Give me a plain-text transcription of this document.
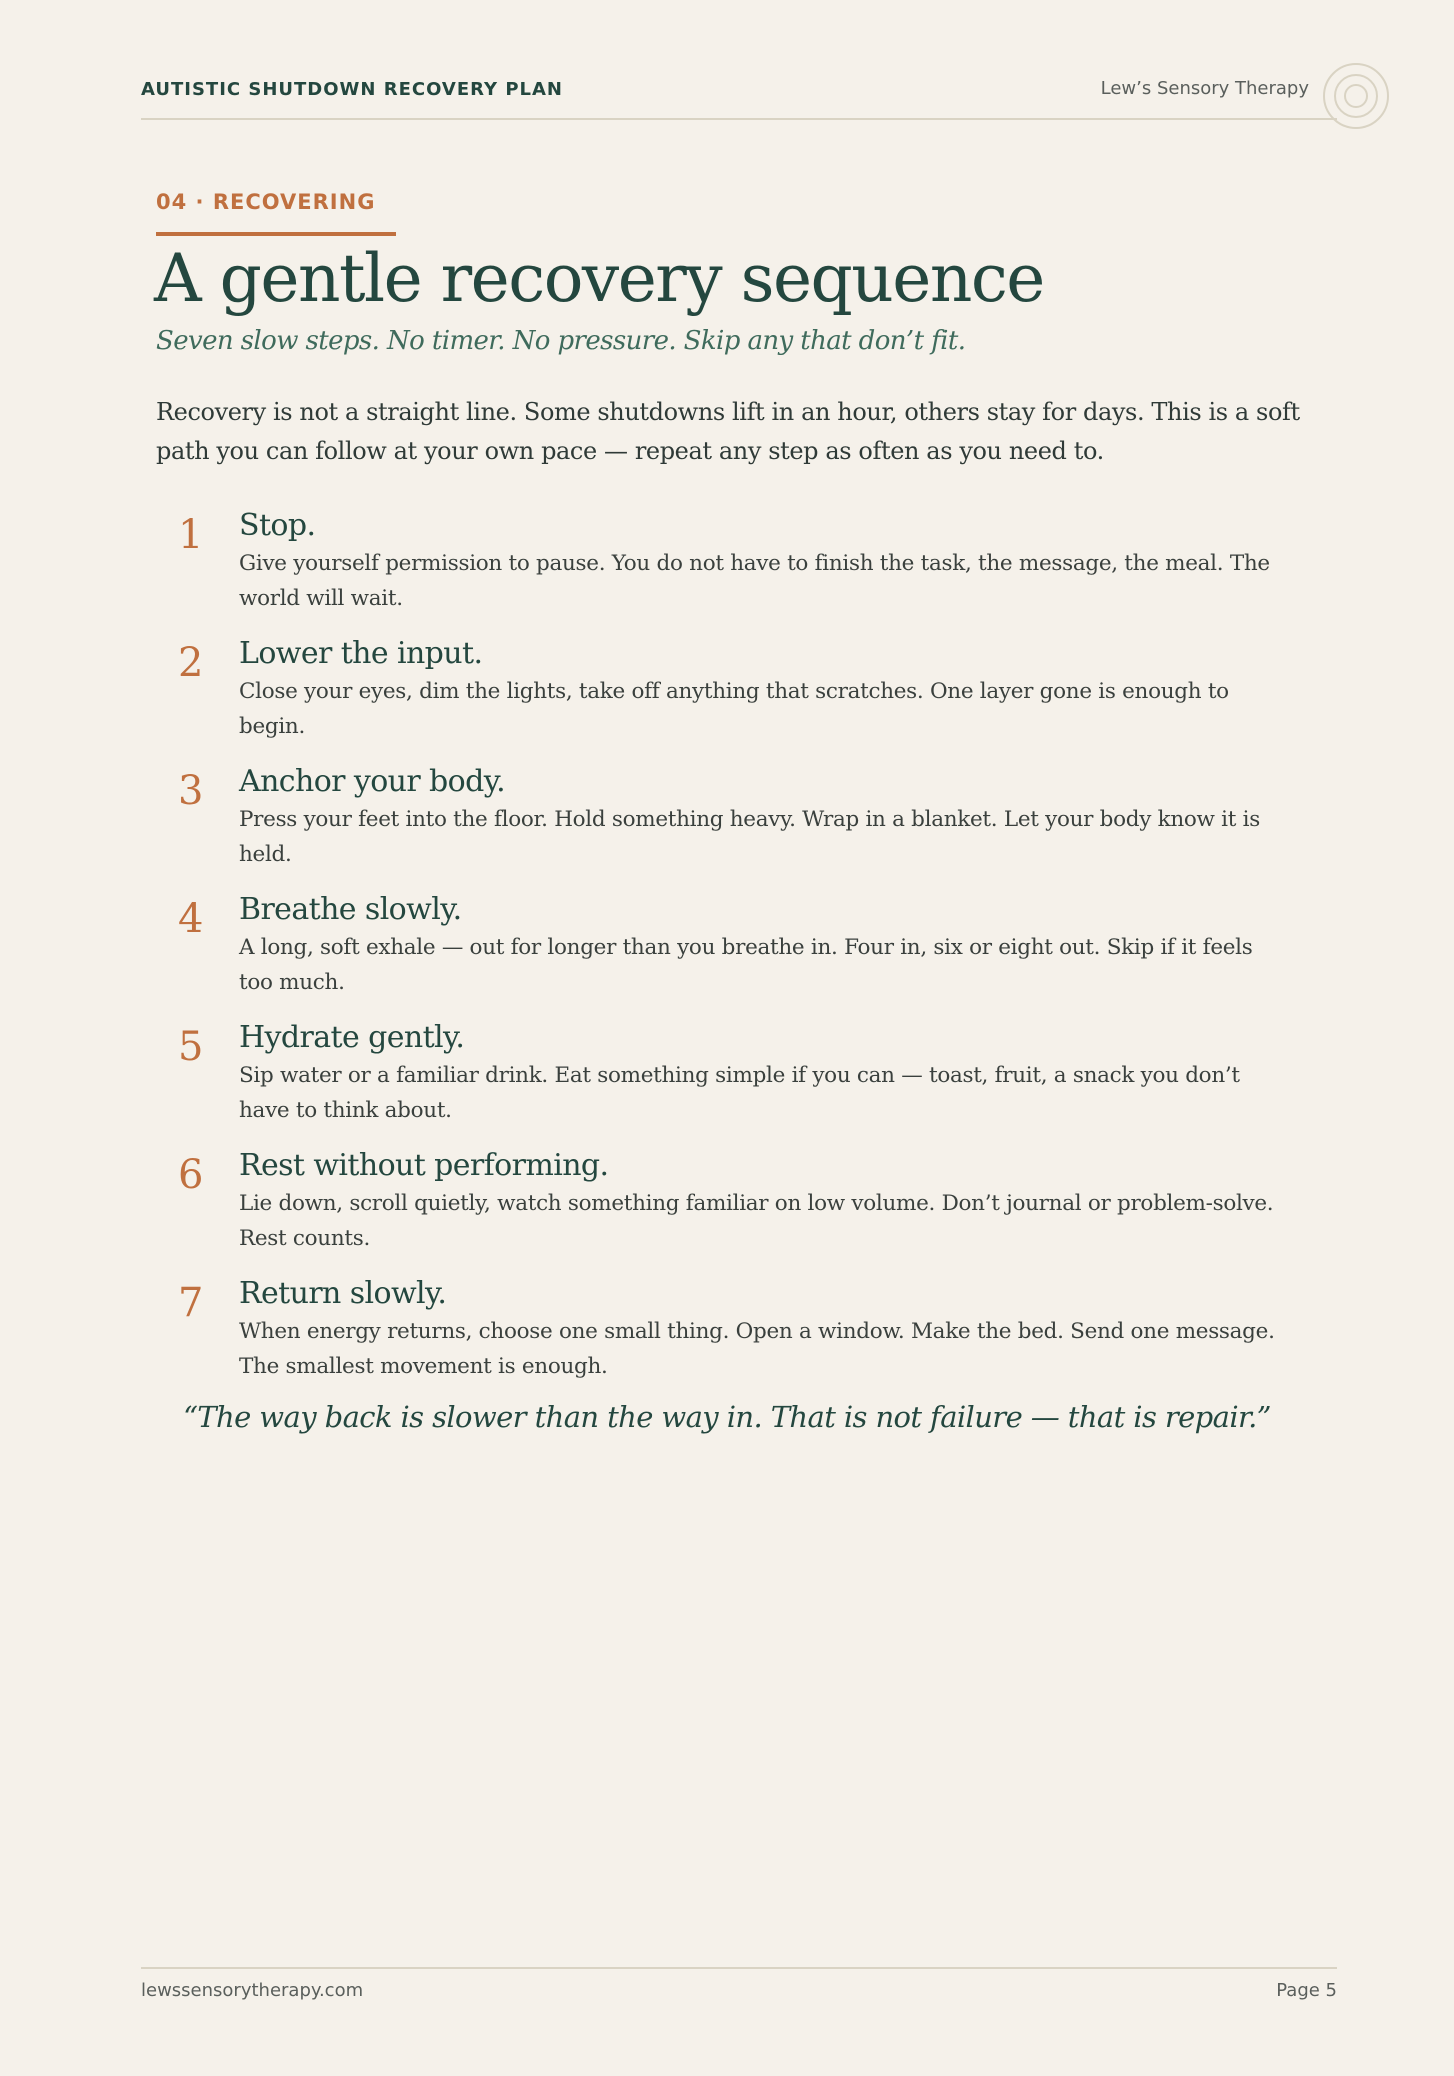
AUTISTIC SHUTDOWN RECOVERY PLAN	Lew’s Sensory Therapy
04 · RECOVERING
A gentle recovery sequence
Seven slow steps. No timer. No pressure. Skip any that don’t fit.
Recovery is not a straight line. Some shutdowns lift in an hour, others stay for days. This is a soft path you can follow at your own pace — repeat any step as often as you need to.
1 Stop.
Give yourself permission to pause. You do not have to finish the task, the message, the meal. The world will wait.
2 Lower the input.
Close your eyes, dim the lights, take off anything that scratches. One layer gone is enough to begin.
3 Anchor your body.
Press your feet into the floor. Hold something heavy. Wrap in a blanket. Let your body know it is held.
4 Breathe slowly.
A long, soft exhale — out for longer than you breathe in. Four in, six or eight out. Skip if it feels too much.
5 Hydrate gently.
Sip water or a familiar drink. Eat something simple if you can — toast, fruit, a snack you don’t have to think about.
6 Rest without performing.
Lie down, scroll quietly, watch something familiar on low volume. Don’t journal or problem-solve. Rest counts.
7 Return slowly.
When energy returns, choose one small thing. Open a window. Make the bed. Send one message. The smallest movement is enough.
“The way back is slower than the way in. That is not failure — that is repair.”
lewssensorytherapy.com	Page 5
